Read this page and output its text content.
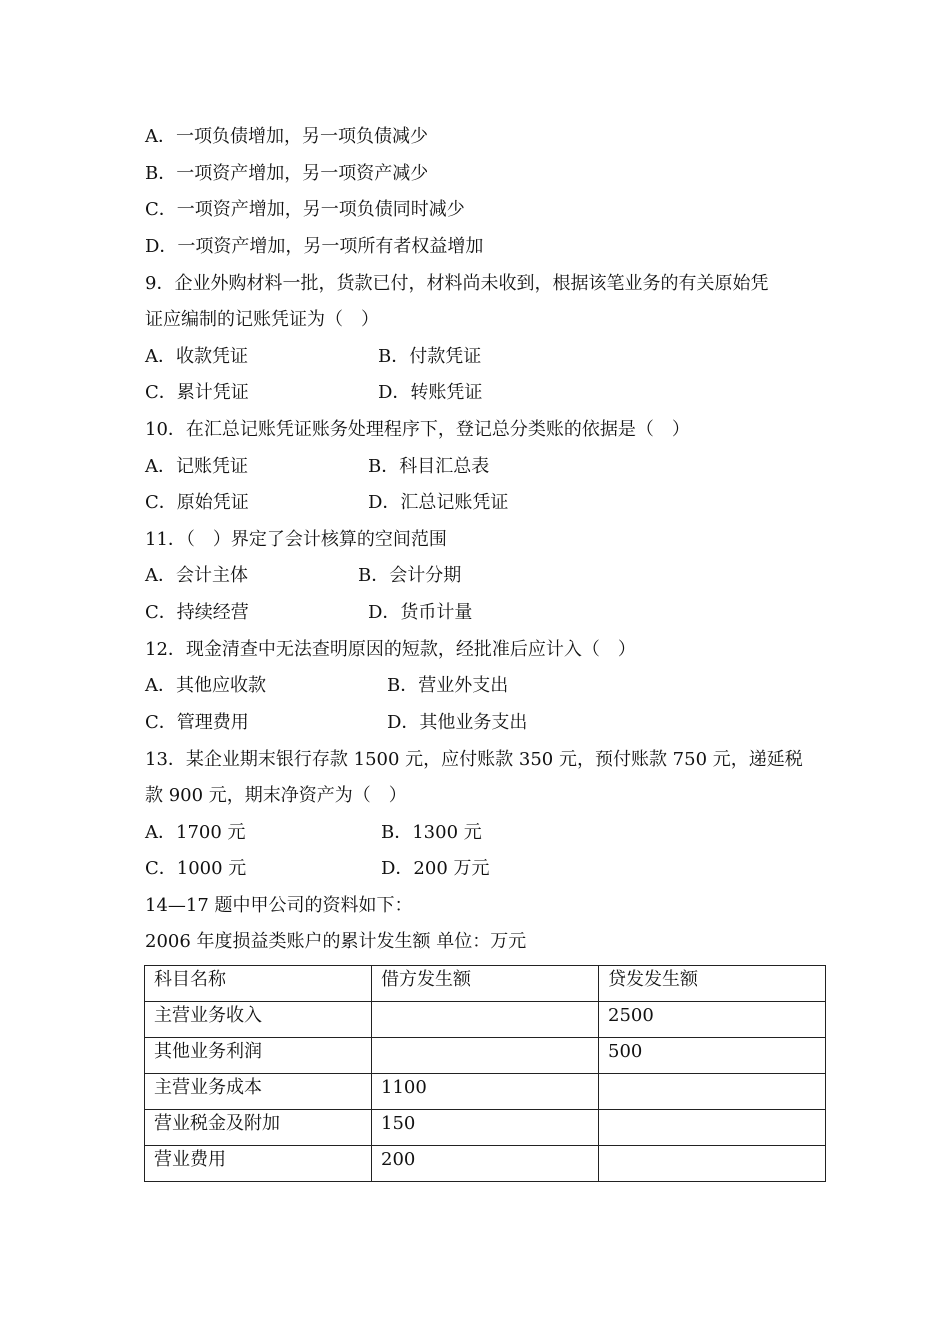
A．一项负债增加，另一项负债减少
B．一项资产增加，另一项资产减少
C．一项资产增加，另一项负债同时减少
D．一项资产增加，另一项所有者权益增加
9．企业外购材料一批，货款已付，材料尚未收到，根据该笔业务的有关原始凭
证应编制的记账凭证为（　）
A．收款凭证	B．付款凭证
C．累计凭证	D．转账凭证
10．在汇总记账凭证账务处理程序下，登记总分类账的依据是（　）
A．记账凭证	B．科目汇总表
C．原始凭证	D．汇总记账凭证
11．（　）界定了会计核算的空间范围
A．会计主体	B．会计分期
C．持续经营	D．货币计量
12．现金清查中无法查明原因的短款，经批准后应计入（　）
A．其他应收款	B．营业外支出
C．管理费用	D．其他业务支出
13．某企业期末银行存款 1500 元，应付账款 350 元，预付账款 750 元，递延税
款 900 元，期末净资产为（　）
A．1700 元	B．1300 元
C．1000 元	D．200 万元
14—17 题中甲公司的资料如下：
2006 年度损益类账户的累计发生额 单位：万元
科目名称	借方发生额	贷发发生额
主营业务收入		2500
其他业务利润		500
主营业务成本	1100	
营业税金及附加	150	
营业费用	200	
